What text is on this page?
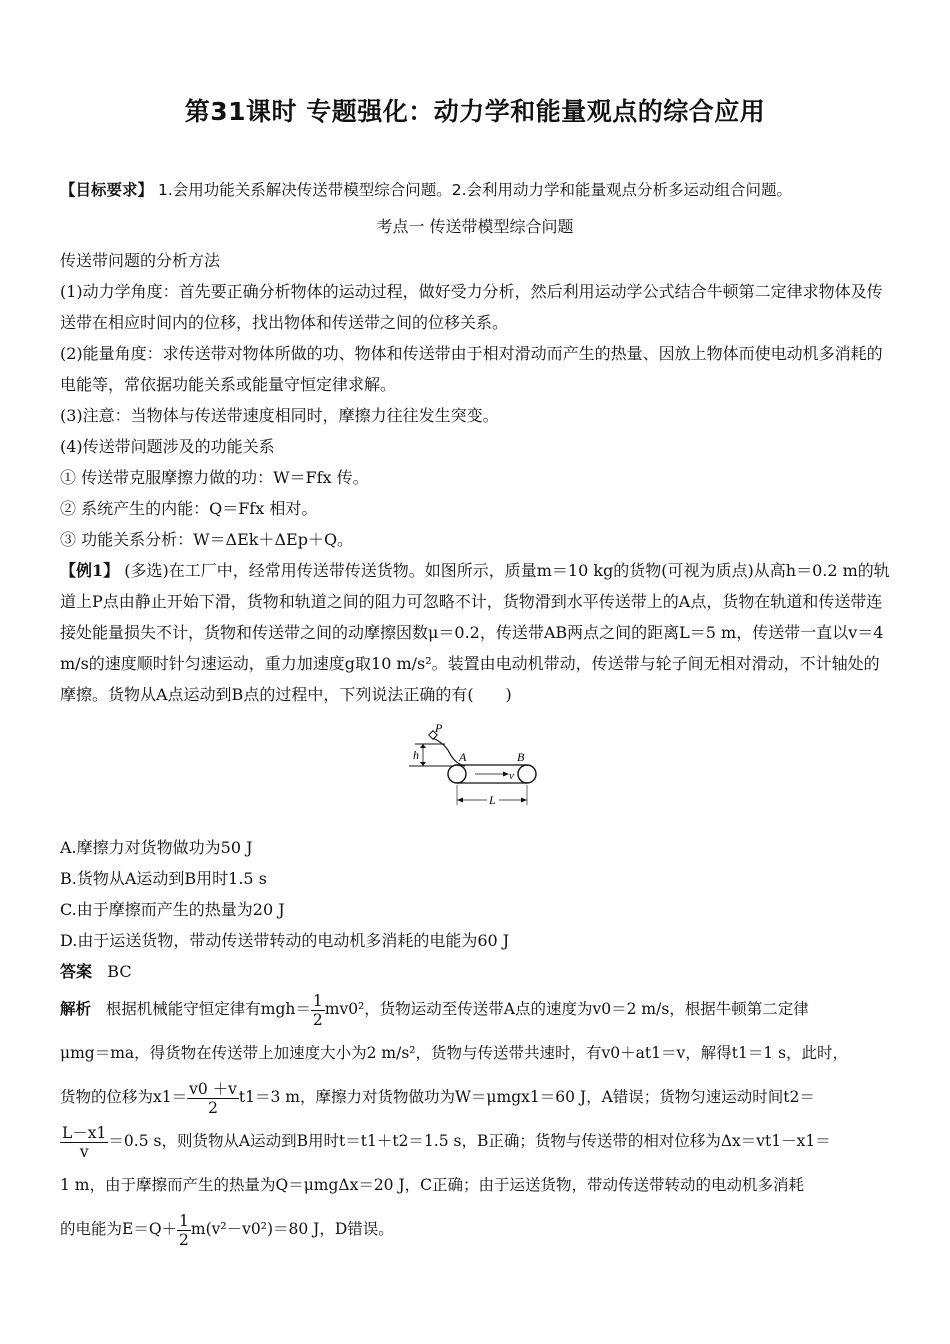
第31课时 专题强化：动力学和能量观点的综合应用
【目标要求】 1.会用功能关系解决传送带模型综合问题。2.会利用动力学和能量观点分析多运动组合问题。
考点一 传送带模型综合问题

传送带问题的分析方法

(1)动力学角度：首先要正确分析物体的运动过程，做好受力分析，然后利用运动学公式结合牛顿第二定律求物体及传送带在相应时间内的位移，找出物体和传送带之间的位移关系。

(2)能量角度：求传送带对物体所做的功、物体和传送带由于相对滑动而产生的热量、因放上物体而使电动机多消耗的电能等，常依据功能关系或能量守恒定律求解。

(3)注意：当物体与传送带速度相同时，摩擦力往往发生突变。

(4)传送带问题涉及的功能关系

① 传送带克服摩擦力做的功：W＝Ffx 传。

② 系统产生的内能：Q＝Ffx 相对。

③ 功能关系分析：W＝ΔEk＋ΔEp＋Q。

【例1】 (多选)在工厂中，经常用传送带传送货物。如图所示，质量m＝10 kg的货物(可视为质点)从高h＝0.2 m的轨道上P点由静止开始下滑，货物和轨道之间的阻力可忽略不计，货物滑到水平传送带上的A点，货物在轨道和传送带连接处能量损失不计，货物和传送带之间的动摩擦因数μ＝0.2，传送带AB两点之间的距离L＝5 m，传送带一直以v＝4 m/s的速度顺时针匀速运动，重力加速度g取10 m/s²。装置由电动机带动，传送带与轮子间无相对滑动，不计轴处的摩擦。货物从A点运动到B点的过程中，下列说法正确的有(　　)

P
h	A	B
v
L

A.摩擦力对货物做功为50 J

B.货物从A运动到B用时1.5 s

C.由于摩擦而产生的热量为20 J

D.由于运送货物，带动传送带转动的电动机多消耗的电能为60 J

答案 BC

解析 根据机械能守恒定律有$mgh= \frac{1}{2} mv0^2$，货物运动至传送带A点的速度为v0＝2 m/s，根据牛顿第二定律

μmg＝ma，得货物在传送带上加速度大小为2 m/s²，货物与传送带共速时，有v0＋at1＝v，解得t1＝1 s，此时，

货物的位移为$x1= \frac{v0 +v}{2} t1=3$ m，摩擦力对货物做功为W＝μmgx1＝60 J，A错误；货物匀速运动时间t2＝

$\frac{L-x1}{v} =0.5$ s，则货物从A运动到B用时t＝t1＋t2＝1.5 s，B正确；货物与传送带的相对位移为Δx＝vt1－x1＝

1 m，由于摩擦而产生的热量为Q＝μmgΔx＝20 J，C正确；由于运送货物，带动传送带转动的电动机多消耗

的电能为$E=Q+ \frac{1}{2} m(v^2-v0^2)=80$ J，D错误。
